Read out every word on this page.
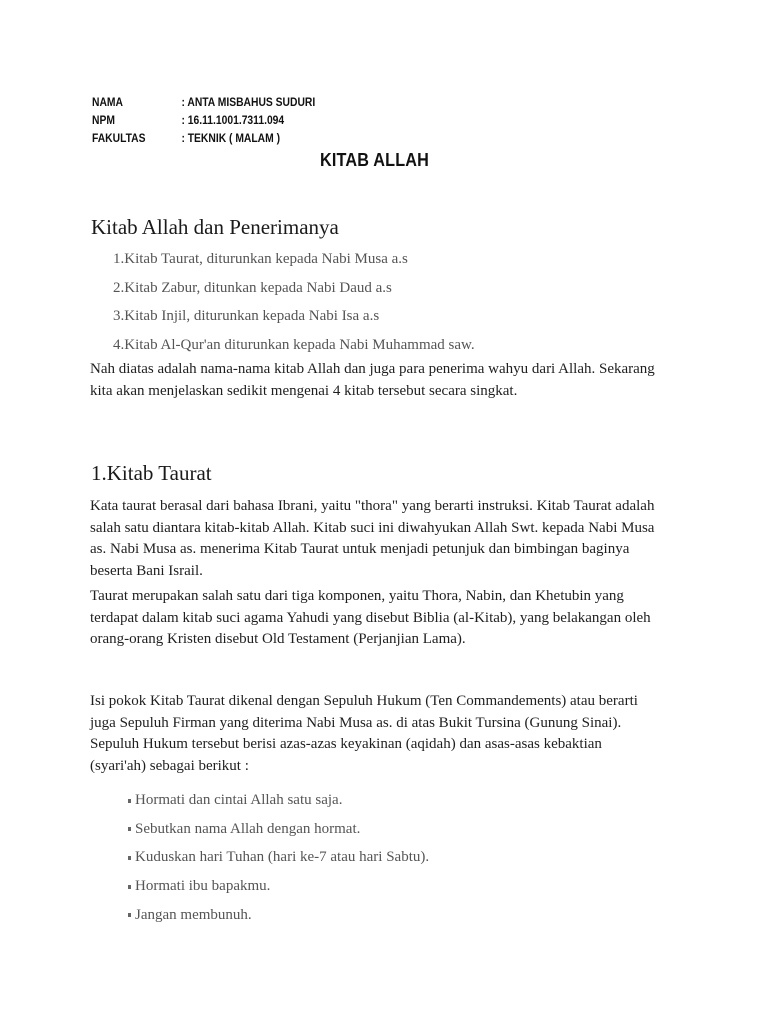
NAMA	: ANTA MISBAHUS SUDURI
NPM	: 16.11.1001.7311.094
FAKULTAS	: TEKNIK ( MALAM )
KITAB ALLAH
Kitab Allah dan Penerimanya
1.Kitab Taurat, diturunkan kepada Nabi Musa a.s
2.Kitab Zabur, ditunkan kepada Nabi Daud a.s
3.Kitab Injil, diturunkan kepada Nabi Isa a.s
4.Kitab Al-Qur'an diturunkan kepada Nabi Muhammad saw.

Nah diatas adalah nama-nama kitab Allah dan juga para penerima wahyu dari Allah. Sekarang kita akan menjelaskan sedikit mengenai 4 kitab tersebut secara singkat.

1.Kitab Taurat

Kata taurat berasal dari bahasa Ibrani, yaitu "thora" yang berarti instruksi. Kitab Taurat adalah salah satu diantara kitab-kitab Allah. Kitab suci ini diwahyukan Allah Swt. kepada Nabi Musa as. Nabi Musa as. menerima Kitab Taurat untuk menjadi petunjuk dan bimbingan baginya beserta Bani Israil.

Taurat merupakan salah satu dari tiga komponen, yaitu Thora, Nabin, dan Khetubin yang terdapat dalam kitab suci agama Yahudi yang disebut Biblia (al-Kitab), yang belakangan oleh orang-orang Kristen disebut Old Testament (Perjanjian Lama).

Isi pokok Kitab Taurat dikenal dengan Sepuluh Hukum (Ten Commandements) atau berarti juga Sepuluh Firman yang diterima Nabi Musa as. di atas Bukit Tursina (Gunung Sinai). Sepuluh Hukum tersebut berisi azas-azas keyakinan (aqidah) dan asas-asas kebaktian (syari'ah) sebagai berikut :

Hormati dan cintai Allah satu saja.
Sebutkan nama Allah dengan hormat.
Kuduskan hari Tuhan (hari ke-7 atau hari Sabtu).
Hormati ibu bapakmu.
Jangan membunuh.
